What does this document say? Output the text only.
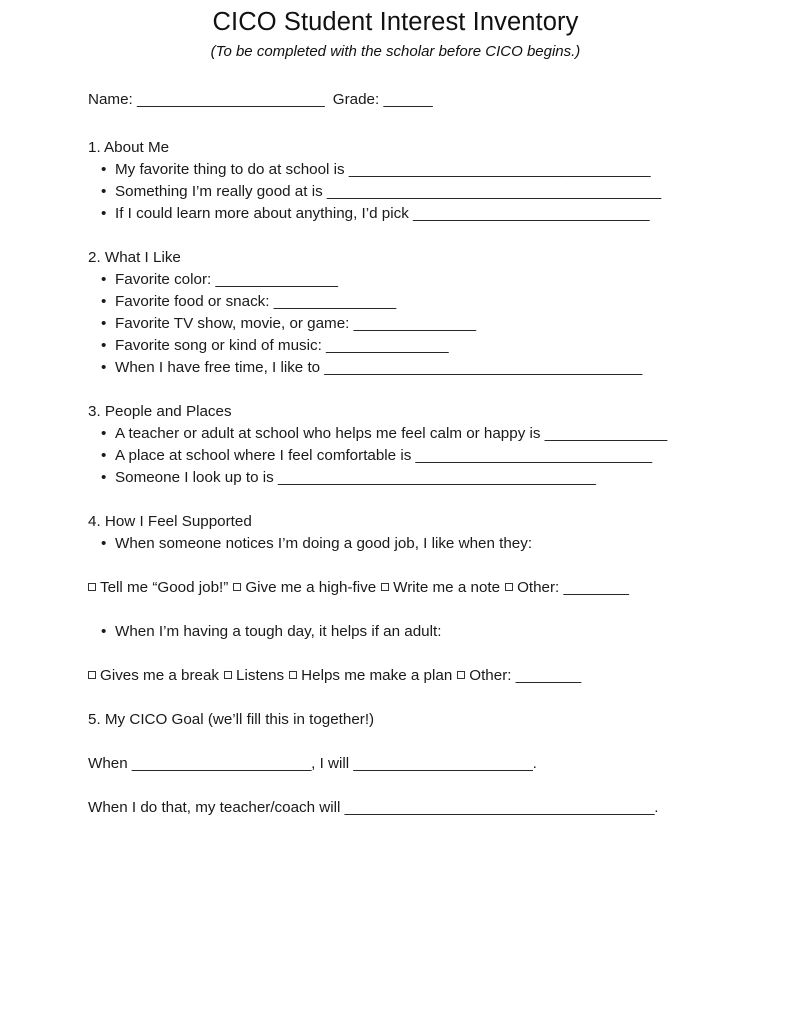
CICO Student Interest Inventory

(To be completed with the scholar before CICO begins.)

Name: _______________________ Grade: ______

1. About Me

• My favorite thing to do at school is _____________________________________
• Something I’m really good at is _________________________________________
• If I could learn more about anything, I’d pick _____________________________

2. What I Like

• Favorite color: _______________
• Favorite food or snack: _______________
• Favorite TV show, movie, or game: _______________
• Favorite song or kind of music: _______________
• When I have free time, I like to _______________________________________

3. People and Places

• A teacher or adult at school who helps me feel calm or happy is _______________
• A place at school where I feel comfortable is _____________________________
• Someone I look up to is _______________________________________

4. How I Feel Supported

• When someone notices I’m doing a good job, I like when they:

Tell me “Good job!” Give me a high-five Write me a note Other: ________

• When I’m having a tough day, it helps if an adult:

Gives me a break Listens Helps me make a plan Other: ________

5. My CICO Goal (we’ll fill this in together!)

When ______________________, I will ______________________.

When I do that, my teacher/coach will ______________________________________.
